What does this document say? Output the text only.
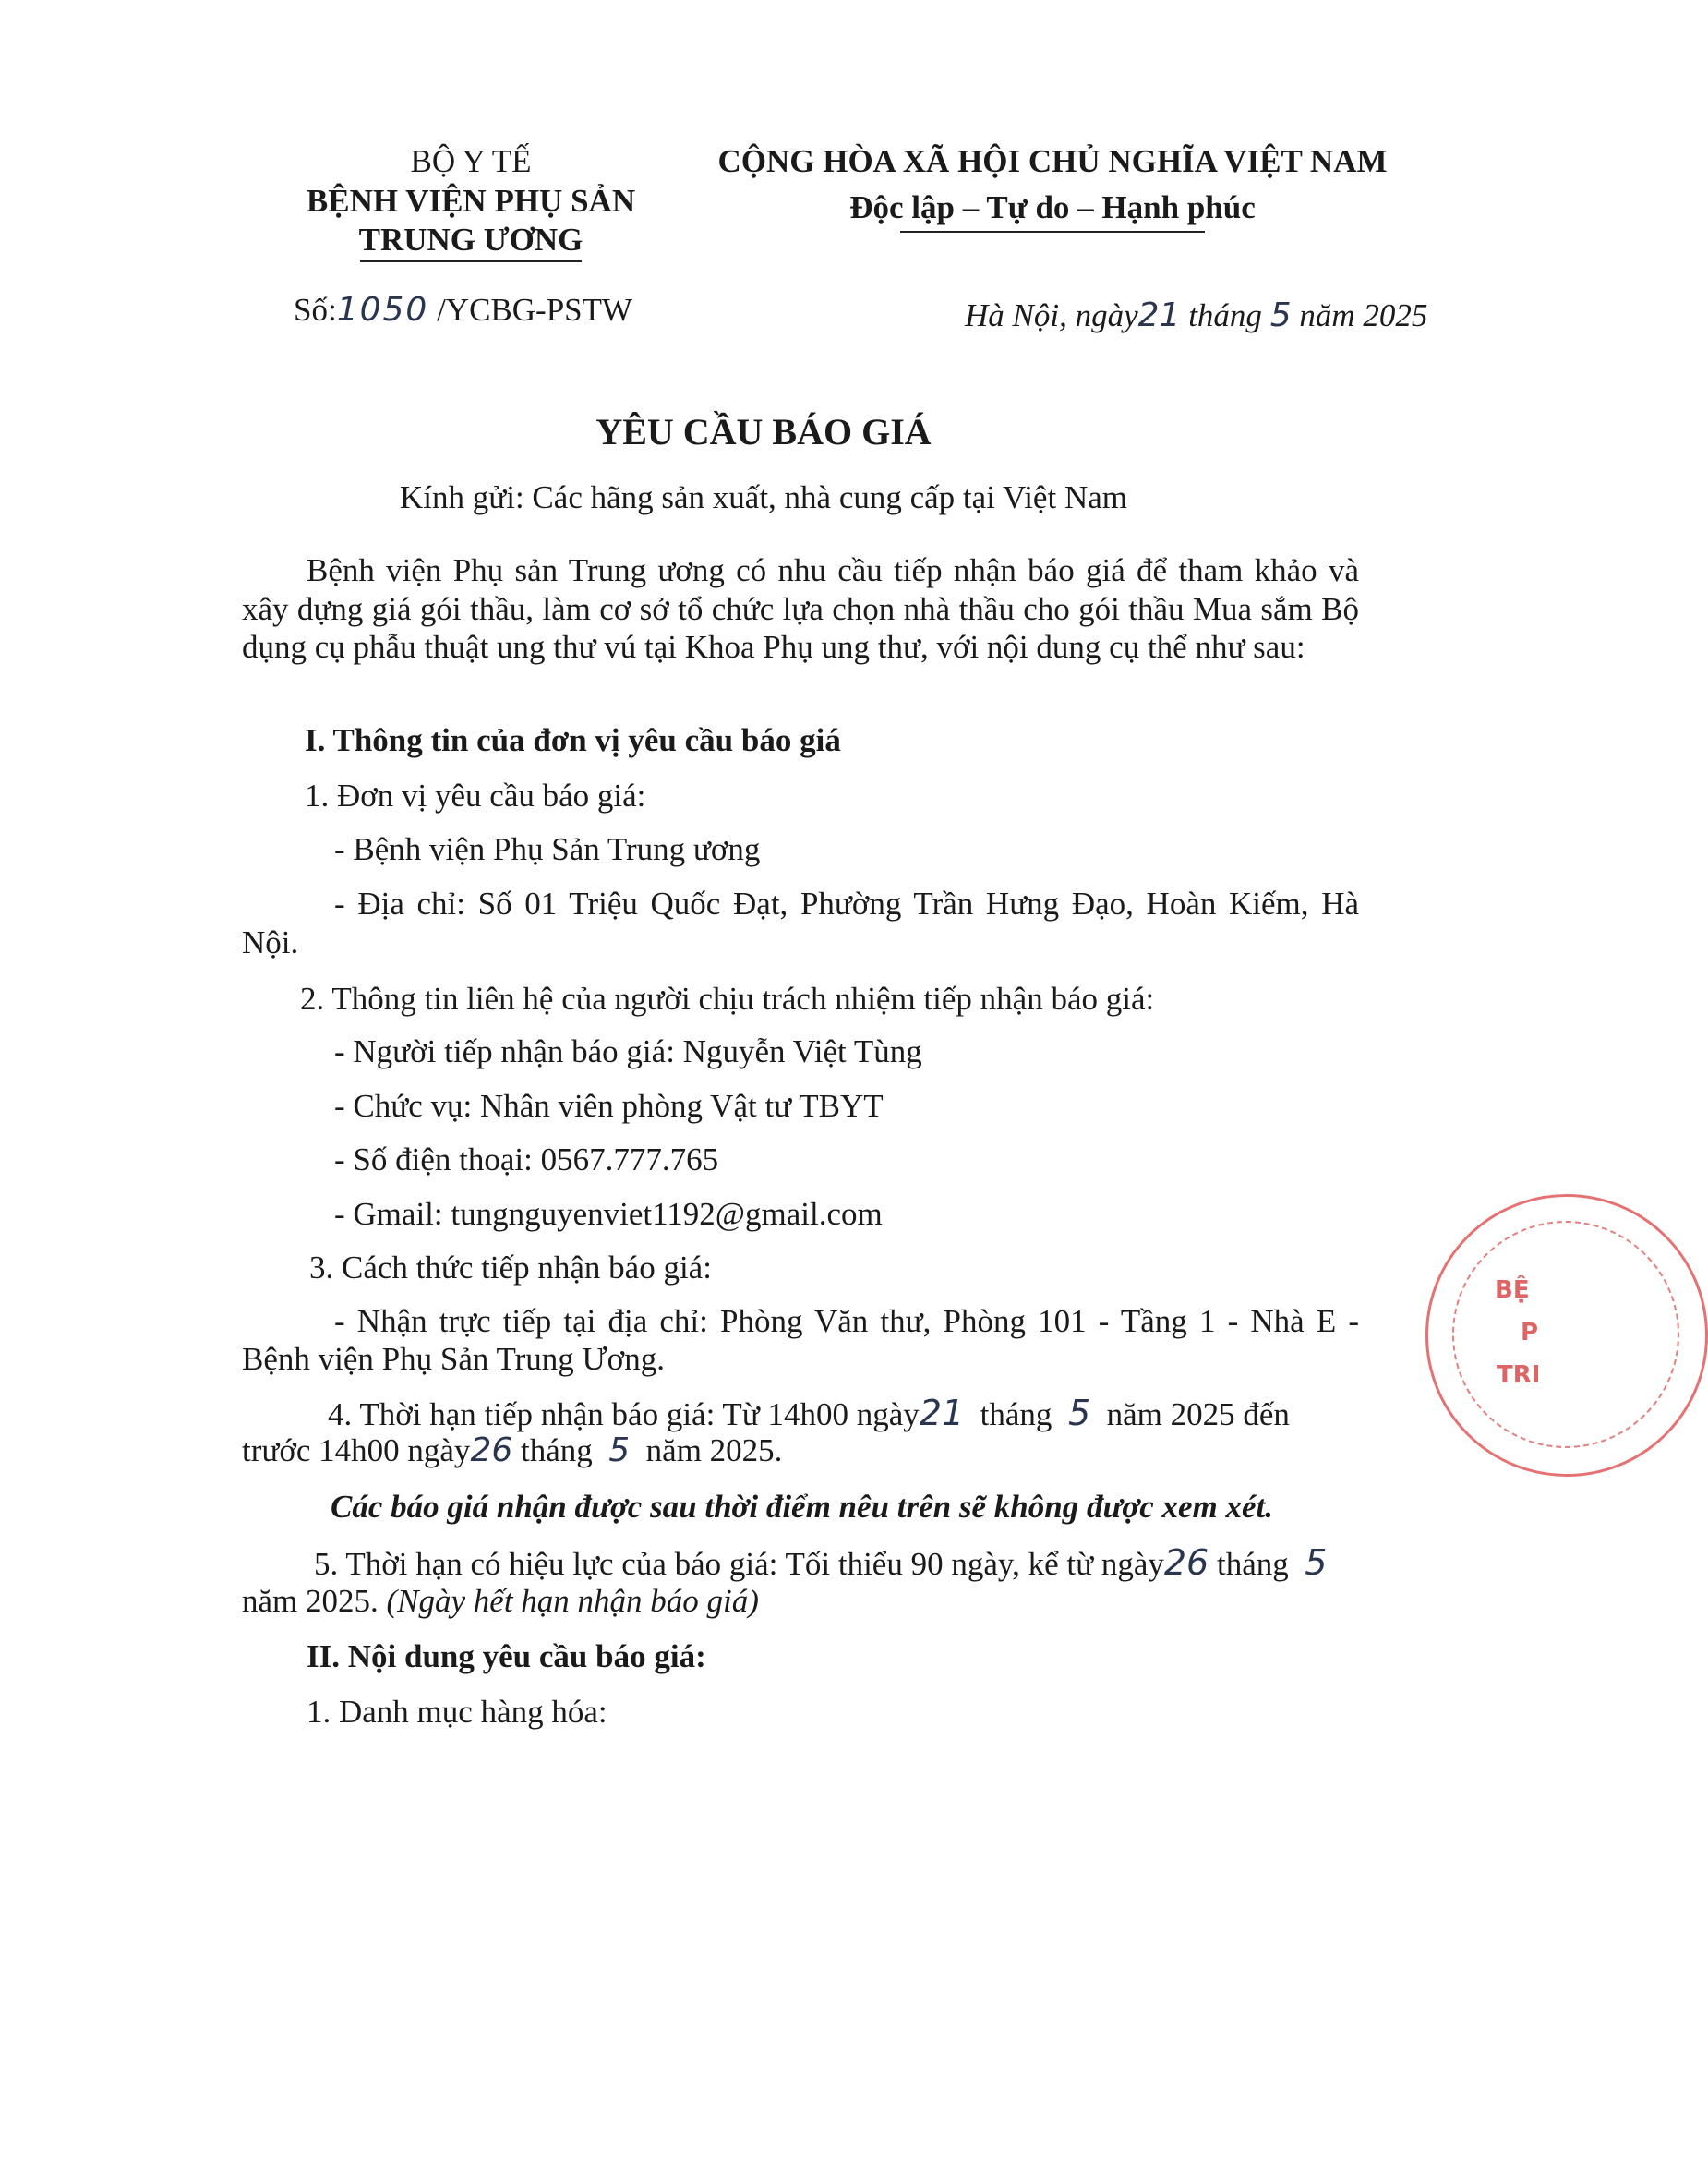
BỘ Y TẾ
BỆNH VIỆN PHỤ SẢN
TRUNG ƯƠNG
CỘNG HÒA XÃ HỘI CHỦ NGHĨA VIỆT NAM
Độc lập – Tự do – Hạnh phúc
Số:1050 /YCBG-PSTW	Hà Nội, ngày21 tháng 5 năm 2025
YÊU CẦU BÁO GIÁ
Kính gửi: Các hãng sản xuất, nhà cung cấp tại Việt Nam
Bệnh viện Phụ sản Trung ương có nhu cầu tiếp nhận báo giá để tham khảo và xây dựng giá gói thầu, làm cơ sở tổ chức lựa chọn nhà thầu cho gói thầu Mua sắm Bộ dụng cụ phẫu thuật ung thư vú tại Khoa Phụ ung thư, với nội dung cụ thể như sau:
I. Thông tin của đơn vị yêu cầu báo giá
1. Đơn vị yêu cầu báo giá:
- Bệnh viện Phụ Sản Trung ương
- Địa chỉ: Số 01 Triệu Quốc Đạt, Phường Trần Hưng Đạo, Hoàn Kiếm, Hà Nội.
2. Thông tin liên hệ của người chịu trách nhiệm tiếp nhận báo giá:
- Người tiếp nhận báo giá: Nguyễn Việt Tùng
- Chức vụ: Nhân viên phòng Vật tư TBYT
- Số điện thoại: 0567.777.765
- Gmail: tungnguyenviet1192@gmail.com
3. Cách thức tiếp nhận báo giá:
- Nhận trực tiếp tại địa chỉ: Phòng Văn thư, Phòng 101 - Tầng 1 - Nhà E - Bệnh viện Phụ Sản Trung Ương.
4. Thời hạn tiếp nhận báo giá: Từ 14h00 ngày21 tháng 5 năm 2025 đến
trước 14h00 ngày26 tháng 5 năm 2025.
Các báo giá nhận được sau thời điểm nêu trên sẽ không được xem xét.
5. Thời hạn có hiệu lực của báo giá: Tối thiểu 90 ngày, kể từ ngày26 tháng 5
năm 2025. (Ngày hết hạn nhận báo giá)
II. Nội dung yêu cầu báo giá:
1. Danh mục hàng hóa:
BỆ
P
TRI
